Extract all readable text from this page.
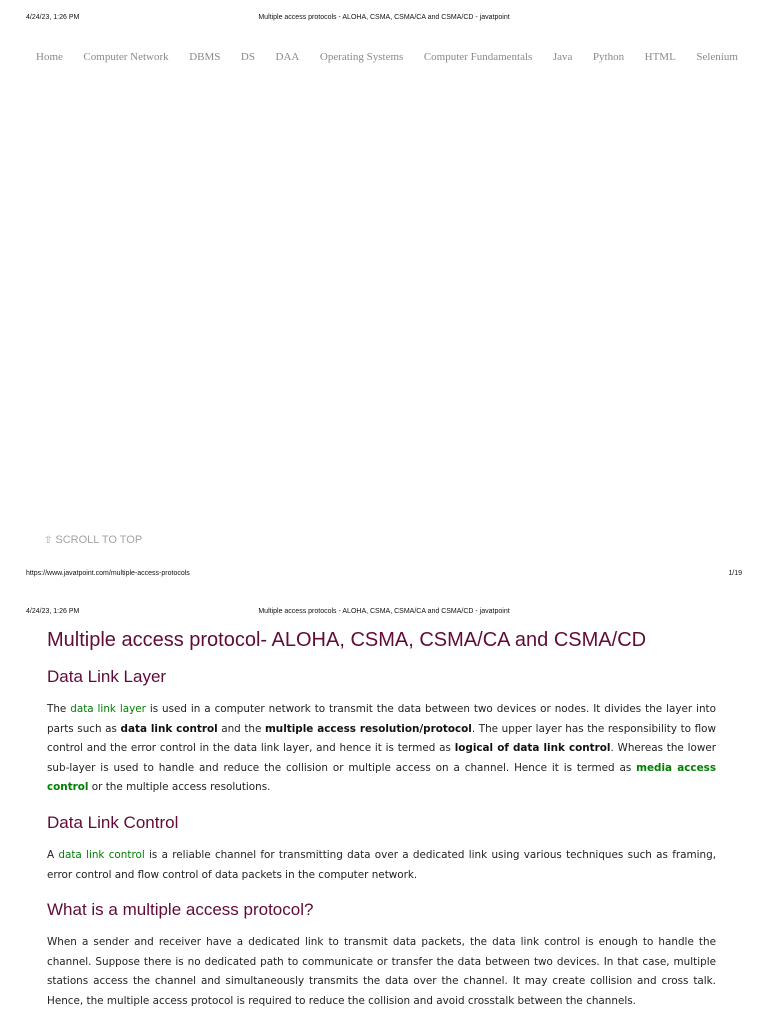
4/24/23, 1:26 PM	Multiple access protocols - ALOHA, CSMA, CSMA/CA and CSMA/CD - javatpoint
Home Computer Network DBMS DS DAA Operating Systems Computer Fundamentals Java Python HTML Selenium
⇧ SCROLL TO TOP
https://www.javatpoint.com/multiple-access-protocols	1/19
4/24/23, 1:26 PM	Multiple access protocols - ALOHA, CSMA, CSMA/CA and CSMA/CD - javatpoint
Multiple access protocol- ALOHA, CSMA, CSMA/CA and CSMA/CD
Data Link Layer

The data link layer is used in a computer network to transmit the data between two devices or nodes. It divides the layer into parts such as data link control and the multiple access resolution/protocol. The upper layer has the responsibility to flow control and the error control in the data link layer, and hence it is termed as logical of data link control. Whereas the lower sub-layer is used to handle and reduce the collision or multiple access on a channel. Hence it is termed as media access control or the multiple access resolutions.

Data Link Control

A data link control is a reliable channel for transmitting data over a dedicated link using various techniques such as framing, error control and flow control of data packets in the computer network.

What is a multiple access protocol?

When a sender and receiver have a dedicated link to transmit data packets, the data link control is enough to handle the channel. Suppose there is no dedicated path to communicate or transfer the data between two devices. In that case, multiple stations access the channel and simultaneously transmits the data over the channel. It may create collision and cross talk. Hence, the multiple access protocol is required to reduce the collision and avoid crosstalk between the channels.
